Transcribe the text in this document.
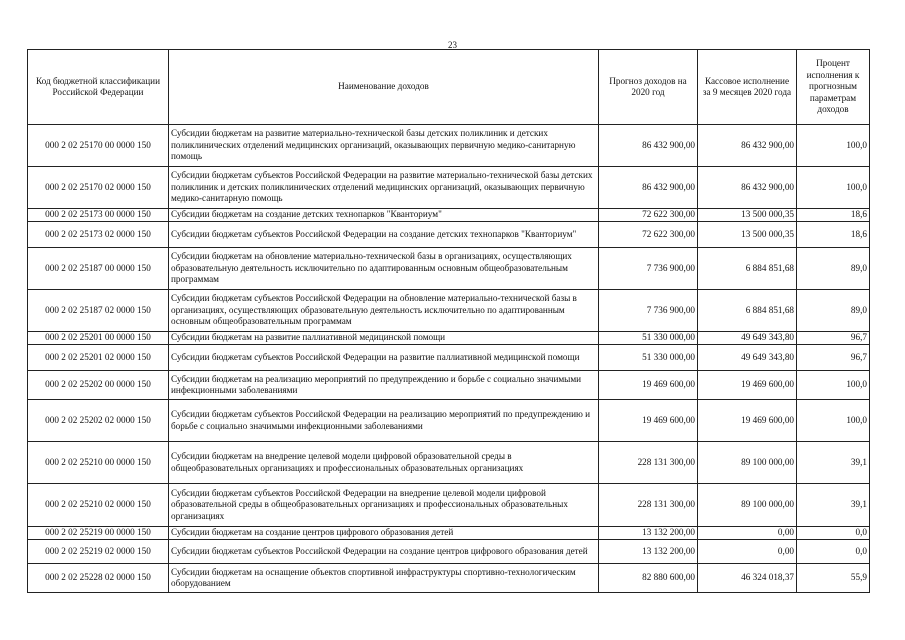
23
Код бюджетной классификации Российской Федерации	Наименование доходов	Прогноз доходов на 2020 год	Кассовое исполнение за 9 месяцев 2020 года	Процент исполнения к прогнозным параметрам доходов
000 2 02 25170 00 0000 150	Субсидии бюджетам на развитие материально-технической базы детских поликлиник и детских поликлинических отделений медицинских организаций, оказывающих первичную медико-санитарную помощь	86 432 900,00	86 432 900,00	100,0
000 2 02 25170 02 0000 150	Субсидии бюджетам субъектов Российской Федерации на развитие материально-технической базы детских поликлиник и детских поликлинических отделений медицинских организаций, оказывающих первичную медико-санитарную помощь	86 432 900,00	86 432 900,00	100,0
000 2 02 25173 00 0000 150	Субсидии бюджетам на создание детских технопарков "Кванториум"	72 622 300,00	13 500 000,35	18,6
000 2 02 25173 02 0000 150	Субсидии бюджетам субъектов Российской Федерации на создание детских технопарков "Кванториум"	72 622 300,00	13 500 000,35	18,6
000 2 02 25187 00 0000 150	Субсидии бюджетам на обновление материально-технической базы в организациях, осуществляющих образовательную деятельность исключительно по адаптированным основным общеобразовательным программам	7 736 900,00	6 884 851,68	89,0
000 2 02 25187 02 0000 150	Субсидии бюджетам субъектов Российской Федерации на обновление материально-технической базы в организациях, осуществляющих образовательную деятельность исключительно по адаптированным основным общеобразовательным программам	7 736 900,00	6 884 851,68	89,0
000 2 02 25201 00 0000 150	Субсидии бюджетам на развитие паллиативной медицинской помощи	51 330 000,00	49 649 343,80	96,7
000 2 02 25201 02 0000 150	Субсидии бюджетам субъектов Российской Федерации на развитие паллиативной медицинской помощи	51 330 000,00	49 649 343,80	96,7
000 2 02 25202 00 0000 150	Субсидии бюджетам на реализацию мероприятий по предупреждению и борьбе с социально значимыми инфекционными заболеваниями	19 469 600,00	19 469 600,00	100,0
000 2 02 25202 02 0000 150	Субсидии бюджетам субъектов Российской Федерации на реализацию мероприятий по предупреждению и борьбе с социально значимыми инфекционными заболеваниями	19 469 600,00	19 469 600,00	100,0
000 2 02 25210 00 0000 150	Субсидии бюджетам на внедрение целевой модели цифровой образовательной среды в общеобразовательных организациях и профессиональных образовательных организациях	228 131 300,00	89 100 000,00	39,1
000 2 02 25210 02 0000 150	Субсидии бюджетам субъектов Российской Федерации на внедрение целевой модели цифровой образовательной среды в общеобразовательных организациях и профессиональных образовательных организациях	228 131 300,00	89 100 000,00	39,1
000 2 02 25219 00 0000 150	Субсидии бюджетам на создание центров цифрового образования детей	13 132 200,00	0,00	0,0
000 2 02 25219 02 0000 150	Субсидии бюджетам субъектов Российской Федерации на создание центров цифрового образования детей	13 132 200,00	0,00	0,0
000 2 02 25228 02 0000 150	Субсидии бюджетам на оснащение объектов спортивной инфраструктуры спортивно-технологическим оборудованием	82 880 600,00	46 324 018,37	55,9
